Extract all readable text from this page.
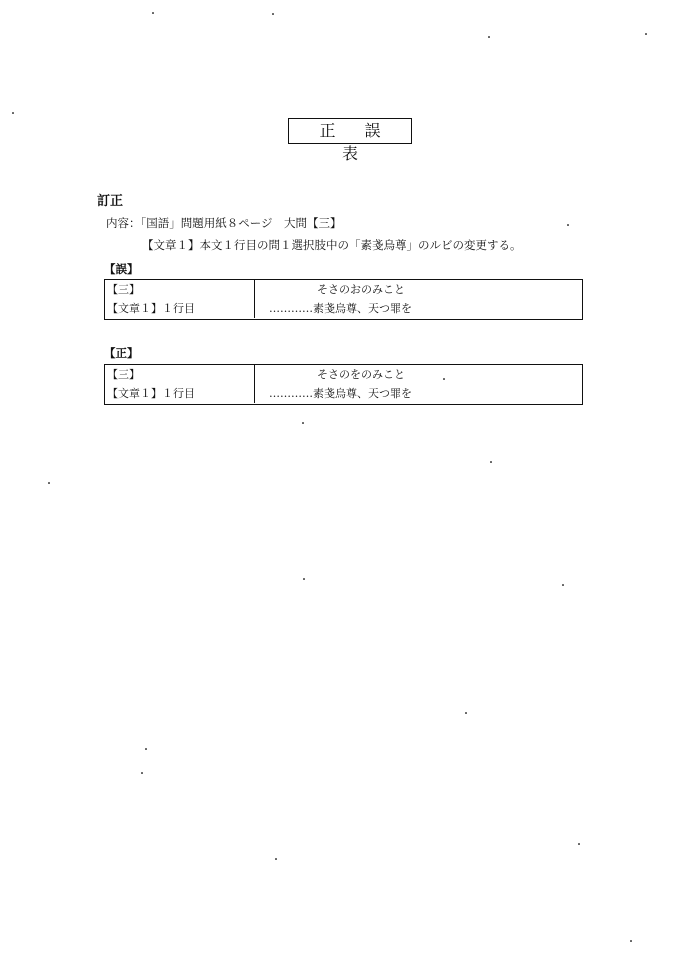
正 誤 表
訂正
内容：「国語」問題用紙８ページ　大問【三】
【文章１】本文１行目の問１選択肢中の「素戔烏尊」のルビの変更する。
【誤】
【三】	そさのおのみこと
【文章１】１行目	…………素戔烏尊、天つ罪を
【正】
【三】	そさのをのみこと
【文章１】１行目	…………素戔烏尊、天つ罪を
